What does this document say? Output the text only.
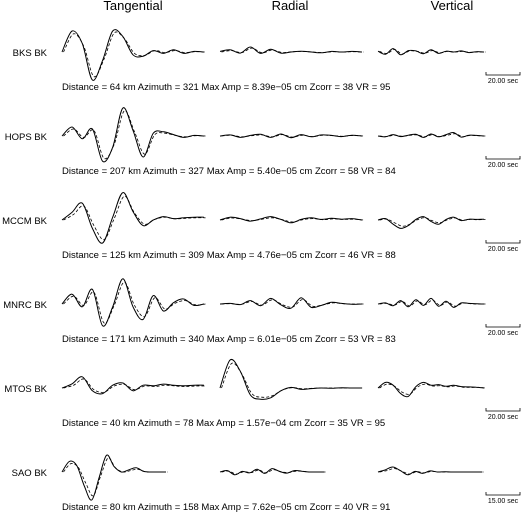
Tangential	Radial	Vertical
BKS BK
Distance = 64 km Azimuth = 321 Max Amp = 8.39e−05 cm Zcorr = 38 VR = 95
20.00 sec
HOPS BK
Distance = 207 km Azimuth = 327 Max Amp = 5.40e−05 cm Zcorr = 58 VR = 84
20.00 sec
MCCM BK
Distance = 125 km Azimuth = 309 Max Amp = 4.76e−05 cm Zcorr = 46 VR = 88
20.00 sec
MNRC BK
Distance = 171 km Azimuth = 340 Max Amp = 6.01e−05 cm Zcorr = 53 VR = 83
20.00 sec
MTOS BK
Distance = 40 km Azimuth = 78 Max Amp = 1.57e−04 cm Zcorr = 35 VR = 95
20.00 sec
SAO BK
Distance = 80 km Azimuth = 158 Max Amp = 7.62e−05 cm Zcorr = 40 VR = 91
15.00 sec
